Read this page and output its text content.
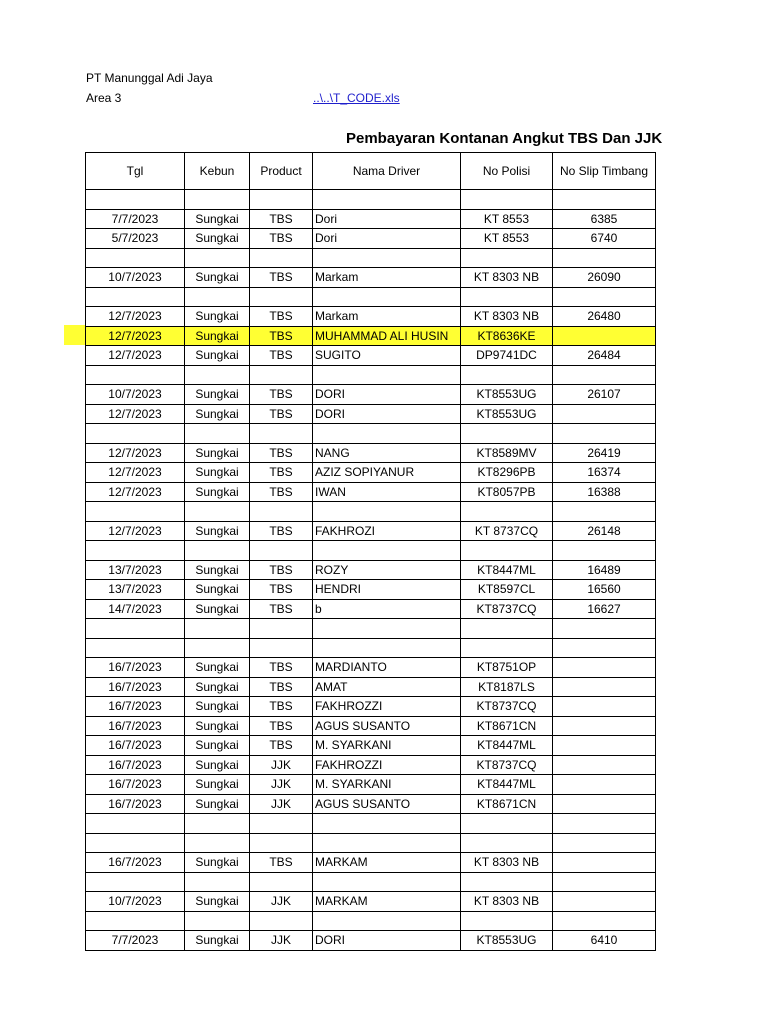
PT Manunggal Adi Jaya
Area 3	..\..\T_CODE.xls
Pembayaran Kontanan Angkut TBS Dan JJK
Tgl	Kebun	Product	Nama Driver	No Polisi	No Slip Timbang

7/7/2023	Sungkai	TBS	Dori	KT 8553	6385
5/7/2023	Sungkai	TBS	Dori	KT 8553	6740

10/7/2023	Sungkai	TBS	Markam	KT 8303 NB	26090

12/7/2023	Sungkai	TBS	Markam	KT 8303 NB	26480
12/7/2023	Sungkai	TBS	MUHAMMAD ALI HUSIN	KT8636KE	
12/7/2023	Sungkai	TBS	SUGITO	DP9741DC	26484

10/7/2023	Sungkai	TBS	DORI	KT8553UG	26107
12/7/2023	Sungkai	TBS	DORI	KT8553UG	

12/7/2023	Sungkai	TBS	NANG	KT8589MV	26419
12/7/2023	Sungkai	TBS	AZIZ SOPIYANUR	KT8296PB	16374
12/7/2023	Sungkai	TBS	IWAN	KT8057PB	16388

12/7/2023	Sungkai	TBS	FAKHROZI	KT 8737CQ	26148

13/7/2023	Sungkai	TBS	ROZY	KT8447ML	16489
13/7/2023	Sungkai	TBS	HENDRI	KT8597CL	16560
14/7/2023	Sungkai	TBS	b	KT8737CQ	16627

16/7/2023	Sungkai	TBS	MARDIANTO	KT8751OP	
16/7/2023	Sungkai	TBS	AMAT	KT8187LS	
16/7/2023	Sungkai	TBS	FAKHROZZI	KT8737CQ	
16/7/2023	Sungkai	TBS	AGUS SUSANTO	KT8671CN	
16/7/2023	Sungkai	TBS	M. SYARKANI	KT8447ML	
16/7/2023	Sungkai	JJK	FAKHROZZI	KT8737CQ	
16/7/2023	Sungkai	JJK	M. SYARKANI	KT8447ML	
16/7/2023	Sungkai	JJK	AGUS SUSANTO	KT8671CN	

16/7/2023	Sungkai	TBS	MARKAM	KT 8303 NB	

10/7/2023	Sungkai	JJK	MARKAM	KT 8303 NB	

7/7/2023	Sungkai	JJK	DORI	KT8553UG	6410
